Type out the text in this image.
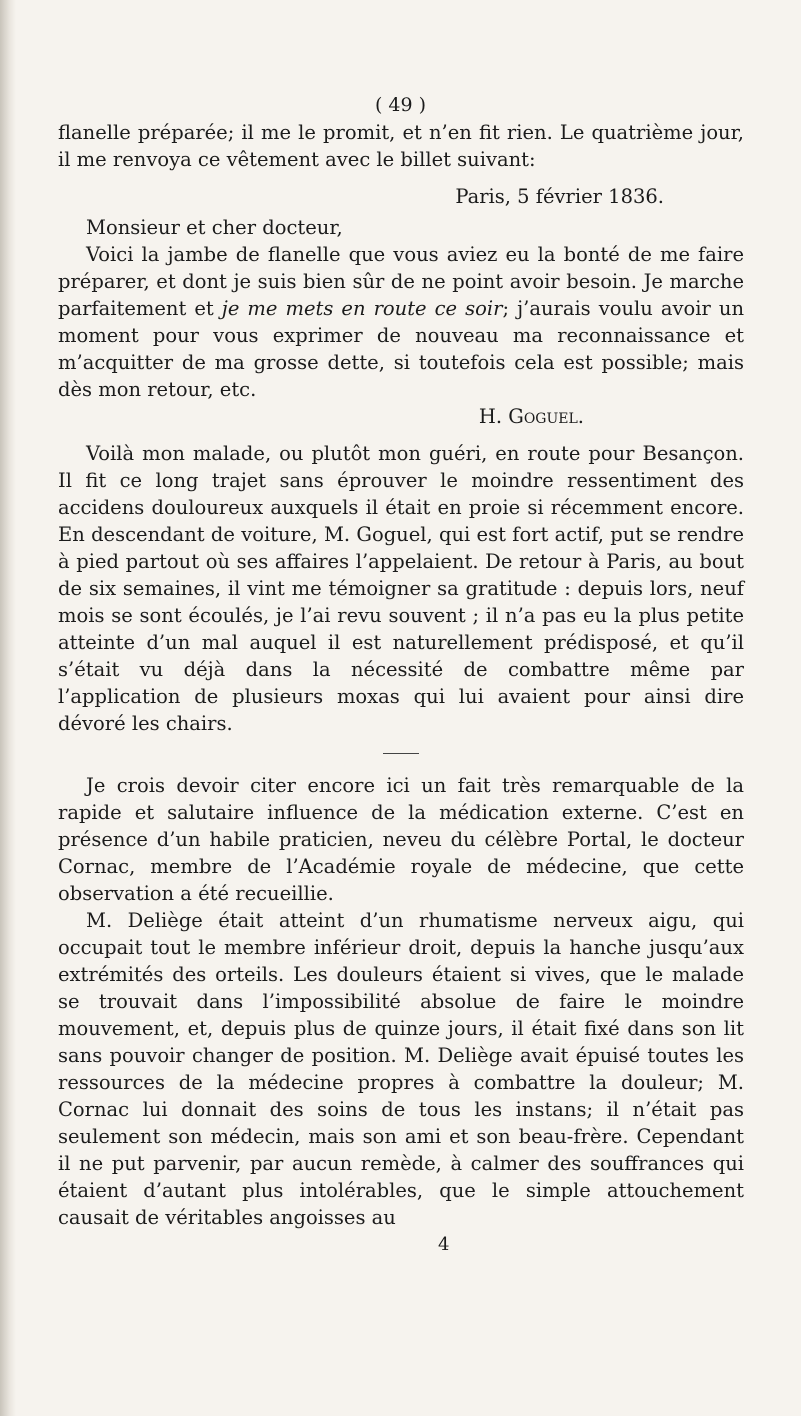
( 49 )

flanelle préparée; il me le promit, et n’en fit rien. Le quatrième jour, il me renvoya ce vêtement avec le billet suivant:

Paris, 5 février 1836.

Monsieur et cher docteur,

Voici la jambe de flanelle que vous aviez eu la bonté de me faire préparer, et dont je suis bien sûr de ne point avoir besoin. Je marche parfaitement et je me mets en route ce soir; j’aurais voulu avoir un moment pour vous exprimer de nouveau ma reconnaissance et m’acquitter de ma grosse dette, si toutefois cela est possible; mais dès mon retour, etc.

H. Goguel.

Voilà mon malade, ou plutôt mon guéri, en route pour Besançon. Il fit ce long trajet sans éprouver le moindre ressentiment des accidens douloureux auxquels il était en proie si récemment encore. En descendant de voiture, M. Goguel, qui est fort actif, put se rendre à pied partout où ses affaires l’appelaient. De retour à Paris, au bout de six semaines, il vint me témoigner sa gratitude : depuis lors, neuf mois se sont écoulés, je l’ai revu souvent ; il n’a pas eu la plus petite atteinte d’un mal auquel il est naturellement prédisposé, et qu’il s’était vu déjà dans la nécessité de combattre même par l’application de plusieurs moxas qui lui avaient pour ainsi dire dévoré les chairs.

Je crois devoir citer encore ici un fait très remarquable de la rapide et salutaire influence de la médication externe. C’est en présence d’un habile praticien, neveu du célèbre Portal, le docteur Cornac, membre de l’Académie royale de médecine, que cette observation a été recueillie.

M. Deliège était atteint d’un rhumatisme nerveux aigu, qui occupait tout le membre inférieur droit, depuis la hanche jusqu’aux extrémités des orteils. Les douleurs étaient si vives, que le malade se trouvait dans l’impossibilité absolue de faire le moindre mouvement, et, depuis plus de quinze jours, il était fixé dans son lit sans pouvoir changer de position. M. Deliège avait épuisé toutes les ressources de la médecine propres à combattre la douleur; M. Cornac lui donnait des soins de tous les instans; il n’était pas seulement son médecin, mais son ami et son beau-frère. Cependant il ne put parvenir, par aucun remède, à calmer des souffrances qui étaient d’autant plus intolérables, que le simple attouchement causait de véritables angoisses au

4
